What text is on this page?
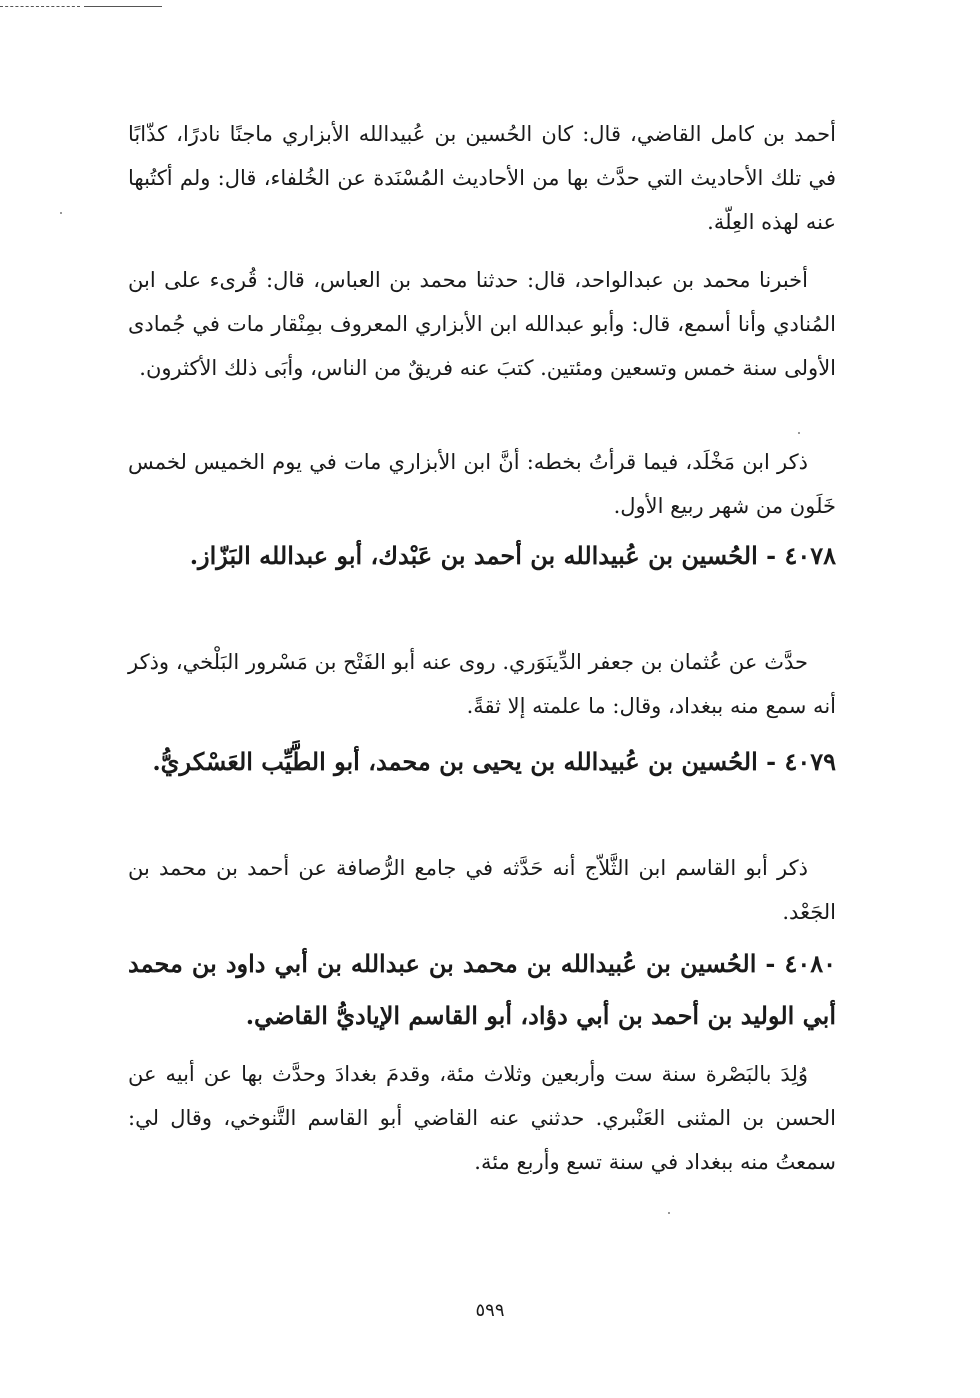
أحمد بن كامل القاضي، قال: كان الحُسين بن عُبيدالله الأبزاري ماجنًا نادرًا، كذّابًا في تلك الأحاديث التي حدَّث بها من الأحاديث المُسْنَدة عن الخُلفاء، قال: ولم أكتُبها عنه لهذه العِلّة.

أخبرنا محمد بن عبدالواحد، قال: حدثنا محمد بن العباس، قال: قُرىء على ابن المُنادي وأنا أسمع، قال: وأبو عبدالله ابن الأبزاري المعروف بمِنْقار مات في جُمادى الأولى سنة خمس وتسعين ومئتين. كتبَ عنه فريقٌ من الناس، وأبَى ذلك الأكثرون.

ذكر ابن مَخْلَد، فيما قرأتُ بخطه: أنَّ ابن الأبزاري مات في يوم الخميس لخمس خَلَون من شهر ربيع الأول.

٤٠٧٨ - الحُسين بن عُبيدالله بن أحمد بن عَبْدك، أبو عبدالله البَزّاز.

حدَّث عن عُثمان بن جعفر الدِّينَوَري. روى عنه أبو الفَتْح بن مَسْرور البَلْخي، وذكر أنه سمع منه ببغداد، وقال: ما علمته إلا ثقةً.

٤٠٧٩ - الحُسين بن عُبيدالله بن يحيى بن محمد، أبو الطَّيِّب العَسْكريُّ.

ذكر أبو القاسم ابن الثَّلاّج أنه حَدَّثه في جامع الرُّصافة عن أحمد بن محمد بن الجَعْد.

٤٠٨٠ - الحُسين بن عُبيدالله بن محمد بن عبدالله بن أبي داود بن محمد أبي الوليد بن أحمد بن أبي دؤاد، أبو القاسم الإياديُّ القاضي.

وُلِدَ بالبَصْرة سنة ست وأربعين وثلاث مئة، وقدمَ بغدادَ وحدَّث بها عن أبيه عن الحسن بن المثنى العَنْبري. حدثني عنه القاضي أبو القاسم التَّنوخي، وقال لي: سمعتُ منه ببغداد في سنة تسع وأربع مئة.

٥٩٩
